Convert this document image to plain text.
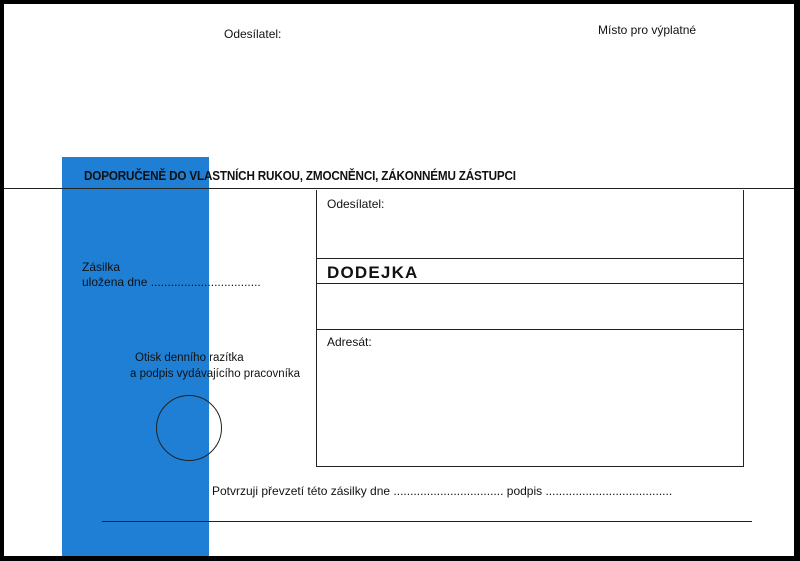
Odesílatel:	Místo pro výplatné
DOPORUČENĚ DO VLASTNÍCH RUKOU, ZMOCNĚNCI, ZÁKONNÉMU ZÁSTUPCI
Odesílatel:
DODEJKA
Adresát:
Zásilka
uložena dne .................................
Otisk denního razítka
a podpis vydávajícího pracovníka
Potvrzuji převzetí této zásilky dne ................................. podpis ......................................
